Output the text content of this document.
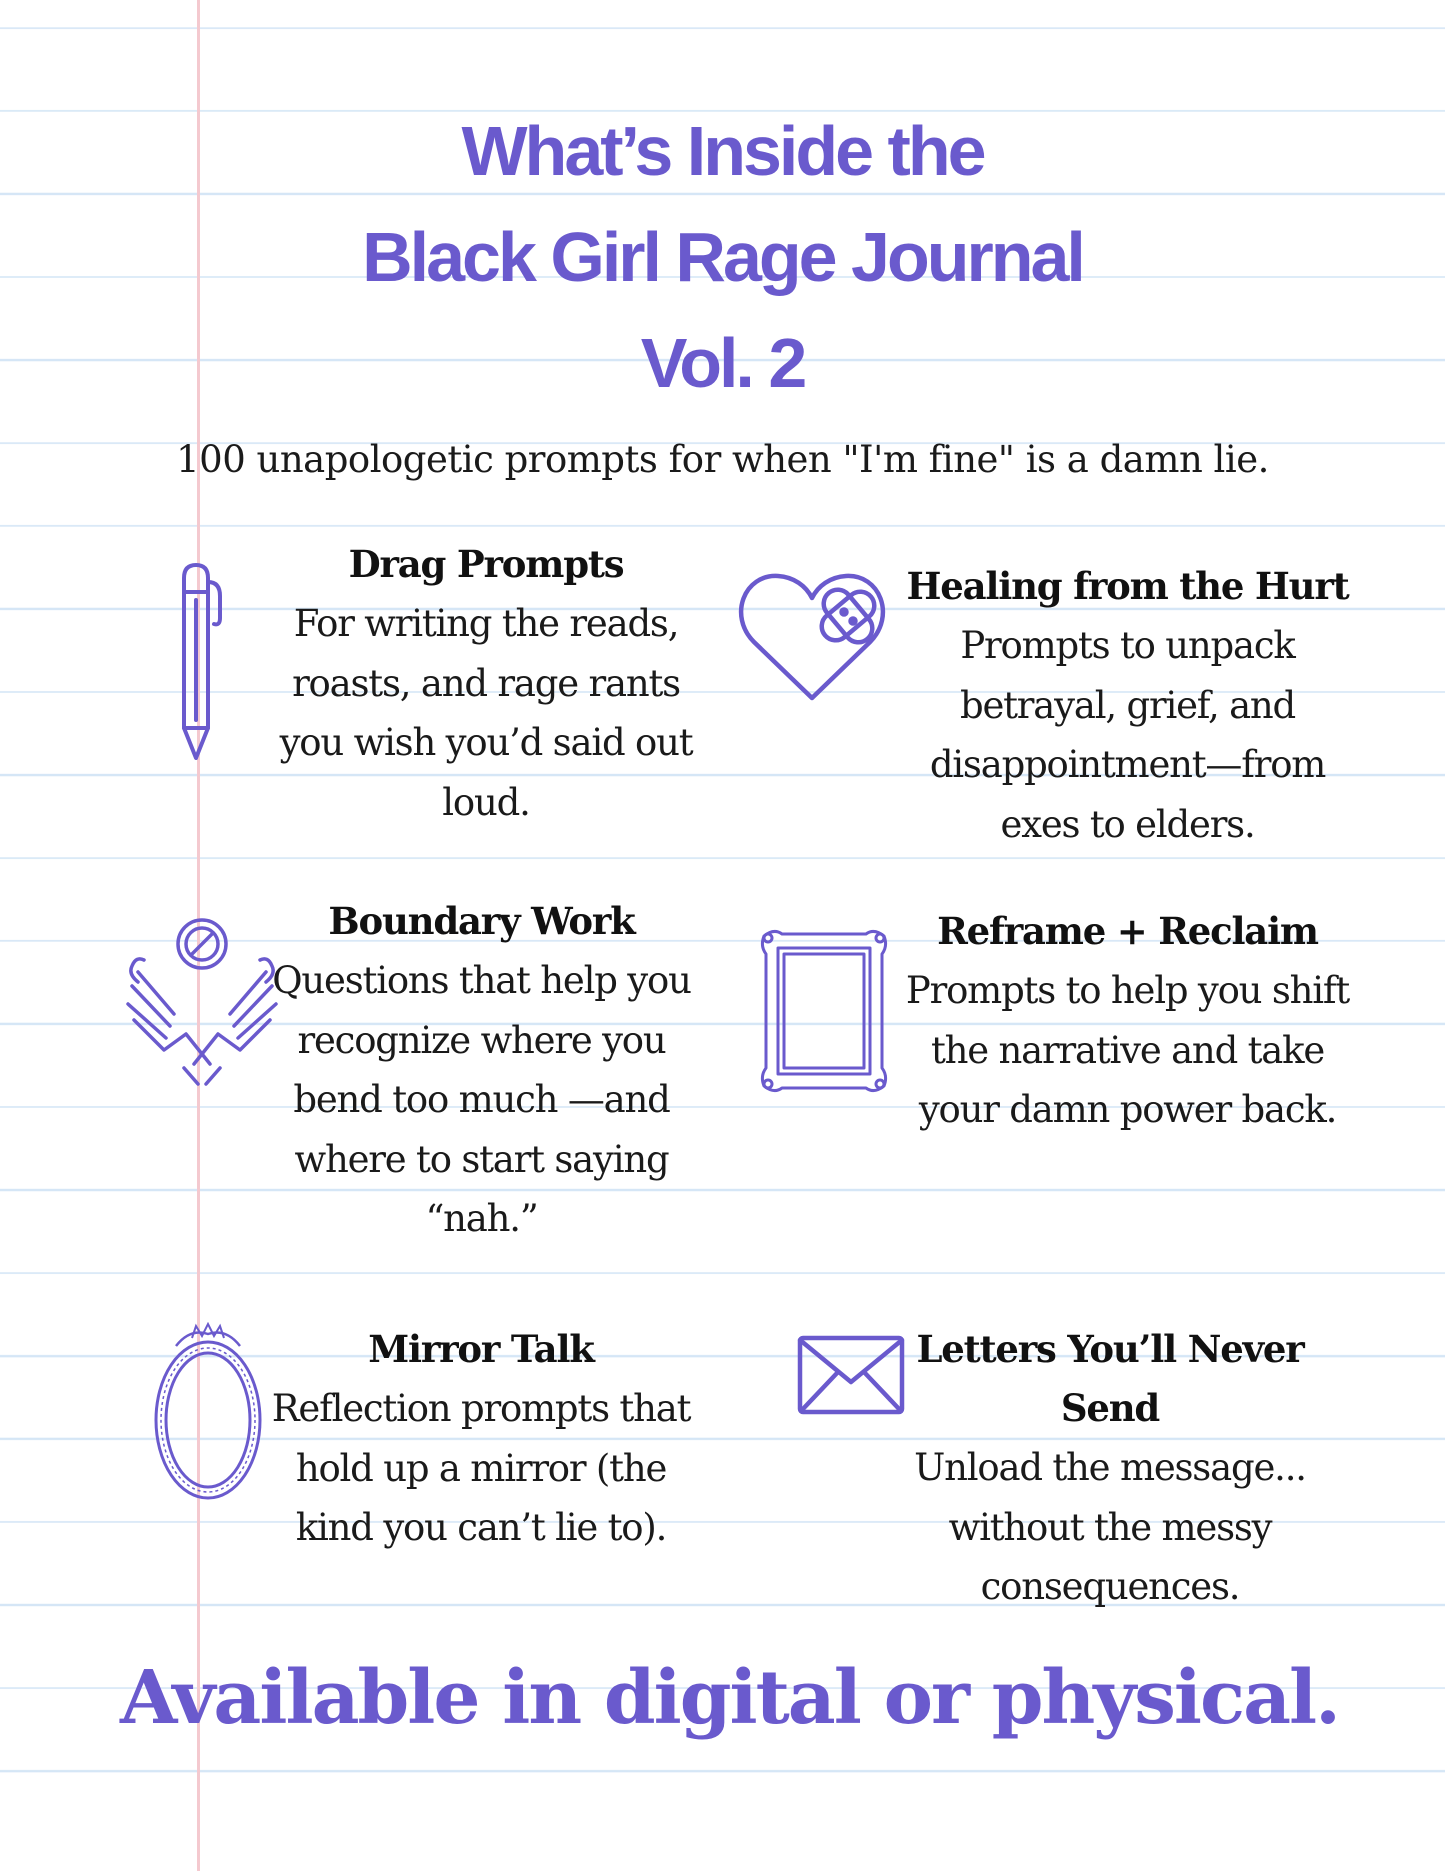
What’s Inside the
Black Girl Rage Journal
Vol. 2
100 unapologetic prompts for when "I'm fine" is a damn lie.
Drag Prompts

For writing the reads, roasts, and rage rants you wish you’d said out loud.

Healing from the Hurt

Prompts to unpack betrayal, grief, and disappointment—from exes to elders.

Boundary Work

Questions that help you recognize where you bend too much —and where to start saying “nah.”

Reframe + Reclaim

Prompts to help you shift the narrative and take your damn power back.

Mirror Talk

Reflection prompts that hold up a mirror (the kind you can’t lie to).

Letters You’ll Never Send

Unload the message... without the messy consequences.

Available in digital or physical.
